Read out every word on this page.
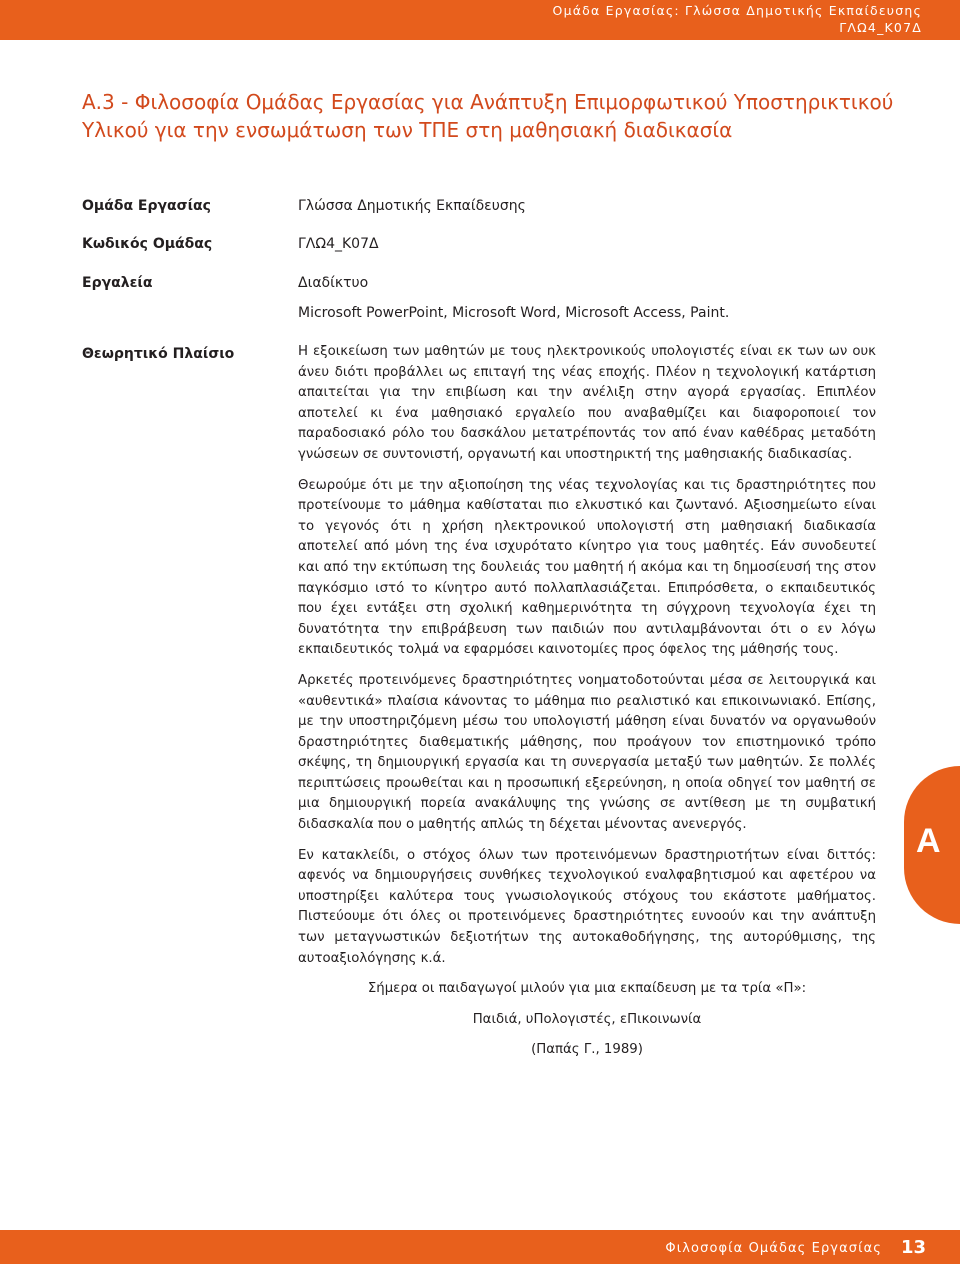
Ομάδα Εργασίας: Γλώσσα Δημοτικής Εκπαίδευσης
ΓΛΩ4_Κ07Δ
Α.3 - Φιλοσοφία Ομάδας Εργασίας για Ανάπτυξη Επιμορφωτικού Υποστηρικτικού Υλικού για την ενσωμάτωση των ΤΠΕ στη μαθησιακή διαδικασία
Ομάδα Εργασίας	Γλώσσα Δημοτικής Εκπαίδευσης
Κωδικός Ομάδας	ΓΛΩ4_Κ07Δ
Εργαλεία	Διαδίκτυο
Microsoft PowerPoint, Microsoft Word, Microsoft Access, Paint.
Θεωρητικό Πλαίσιο	Η εξοικείωση των μαθητών με τους ηλεκτρονικούς υπολογιστές είναι εκ των ων ουκ άνευ διότι προβάλλει ως επιταγή της νέας εποχής. Πλέον η τεχνολογική κατάρτιση απαιτείται για την επιβίωση και την ανέλιξη στην αγορά εργασίας. Επιπλέον αποτελεί κι ένα μαθησιακό εργαλείο που αναβαθμίζει και διαφοροποιεί τον παραδοσιακό ρόλο του δασκάλου μετατρέποντάς τον από έναν καθέδρας μεταδότη γνώσεων σε συντονιστή, οργανωτή και υποστηρικτή της μαθησιακής διαδικασίας.

Θεωρούμε ότι με την αξιοποίηση της νέας τεχνολογίας και τις δραστηριότητες που προτείνουμε το μάθημα καθίσταται πιο ελκυστικό και ζωντανό. Αξιοσημείωτο είναι το γεγονός ότι η χρήση ηλεκτρονικού υπολογιστή στη μαθησιακή διαδικασία αποτελεί από μόνη της ένα ισχυρότατο κίνητρο για τους μαθητές. Εάν συνοδευτεί και από την εκτύπωση της δουλειάς του μαθητή ή ακόμα και τη δημοσίευσή της στον παγκόσμιο ιστό το κίνητρο αυτό πολλαπλασιάζεται. Επιπρόσθετα, ο εκπαιδευτικός που έχει εντάξει στη σχολική καθημερινότητα τη σύγχρονη τεχνολογία έχει τη δυνατότητα την επιβράβευση των παιδιών που αντιλαμβάνονται ότι ο εν λόγω εκπαιδευτικός τολμά να εφαρμόσει καινοτομίες προς όφελος της μάθησής τους.

Αρκετές προτεινόμενες δραστηριότητες νοηματοδοτούνται μέσα σε λειτουργικά και «αυθεντικά» πλαίσια κάνοντας το μάθημα πιο ρεαλιστικό και επικοινωνιακό. Επίσης, με την υποστηριζόμενη μέσω του υπολογιστή μάθηση είναι δυνατόν να οργανωθούν δραστηριότητες διαθεματικής μάθησης, που προάγουν τον επιστημονικό τρόπο σκέψης, τη δημιουργική εργασία και τη συνεργασία μεταξύ των μαθητών. Σε πολλές περιπτώσεις προωθείται και η προσωπική εξερεύνηση, η οποία οδηγεί τον μαθητή σε μια δημιουργική πορεία ανακάλυψης της γνώσης σε αντίθεση με τη συμβατική διδασκαλία που ο μαθητής απλώς τη δέχεται μένοντας ανενεργός.

Εν κατακλείδι, ο στόχος όλων των προτεινόμενων δραστηριοτήτων είναι διττός: αφενός να δημιουργήσεις συνθήκες τεχνολογικού εναλφαβητισμού και αφετέρου να υποστηρίξει καλύτερα τους γνωσιολογικούς στόχους του εκάστοτε μαθήματος. Πιστεύουμε ότι όλες οι προτεινόμενες δραστηριότητες ευνοούν και την ανάπτυξη των μεταγνωστικών δεξιοτήτων της αυτοκαθοδήγησης, της αυτορύθμισης, της αυτοαξιολόγησης κ.ά.

Σήμερα οι παιδαγωγοί μιλούν για μια εκπαίδευση με τα τρία «Π»:
Παιδιά, υΠολογιστές, εΠικοινωνία
(Παπάς Γ., 1989)
Α
Φιλοσοφία Ομάδας Εργασίας 13
